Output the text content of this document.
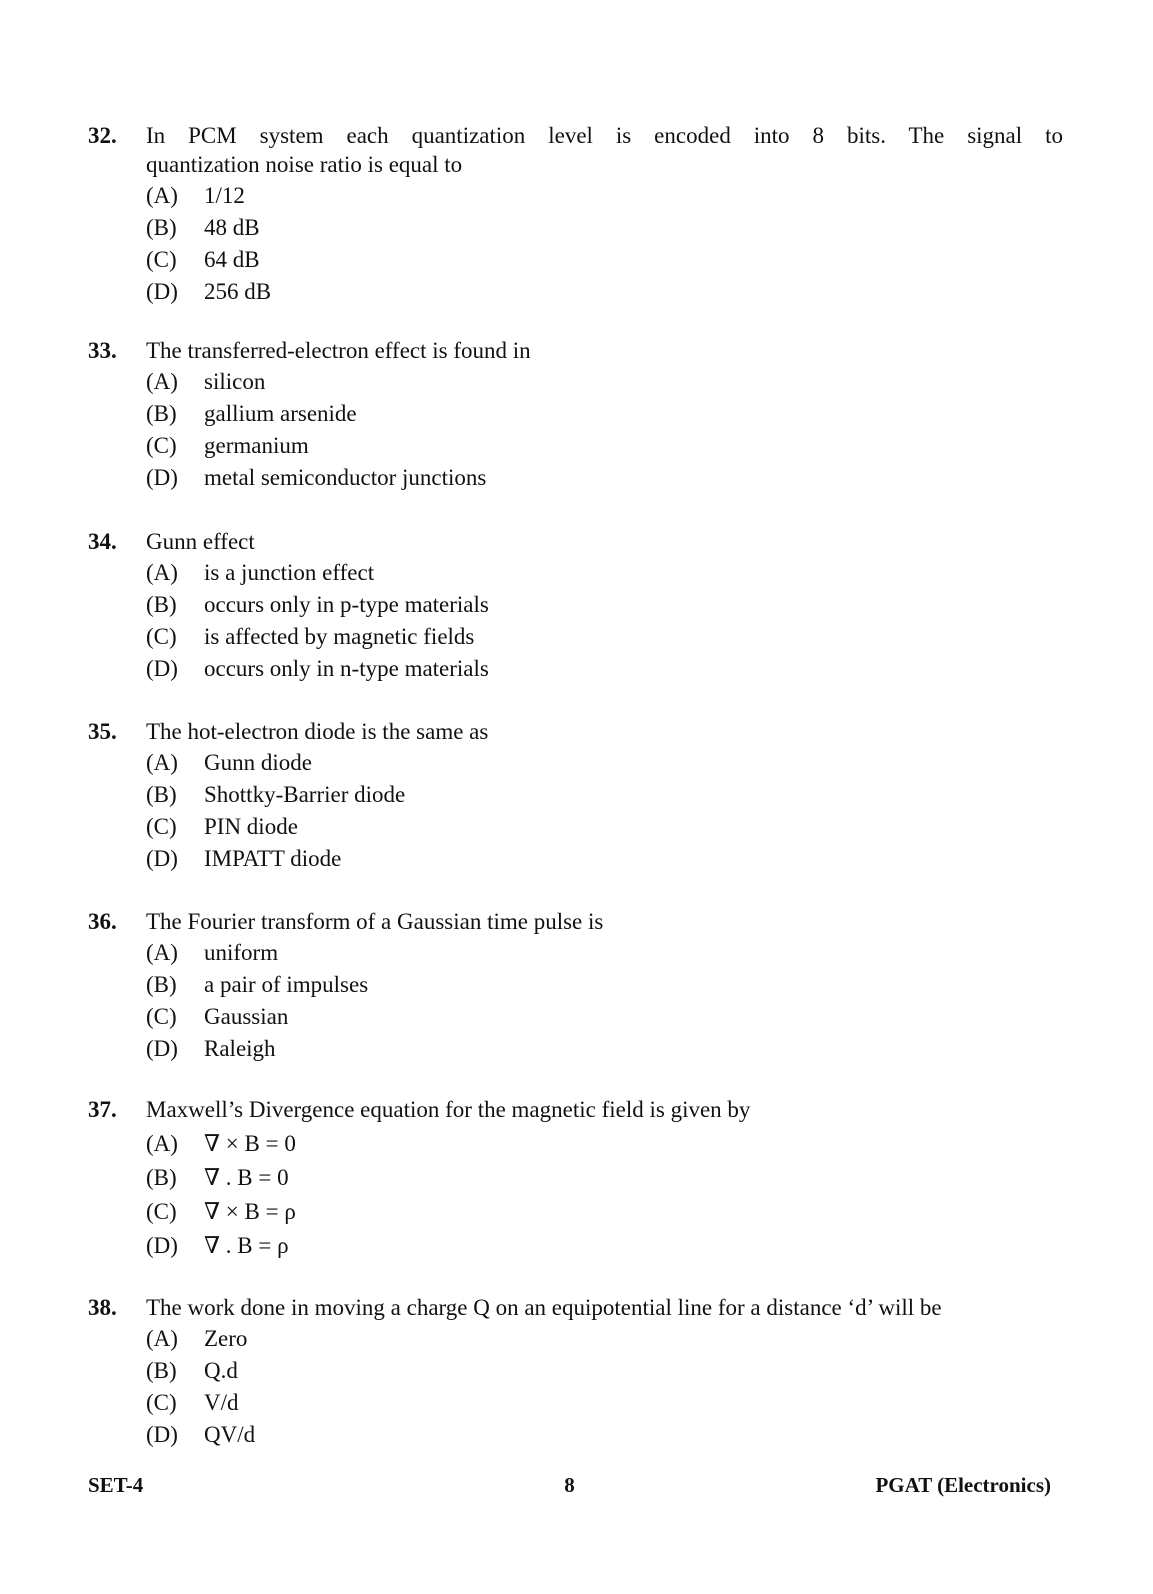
32. In PCM system each quantization level is encoded into 8 bits. The signal to
quantization noise ratio is equal to
(A) 1/12
(B) 48 dB
(C) 64 dB
(D) 256 dB
33. The transferred-electron effect is found in
(A) silicon
(B) gallium arsenide
(C) germanium
(D) metal semiconductor junctions
34. Gunn effect
(A) is a junction effect
(B) occurs only in p-type materials
(C) is affected by magnetic fields
(D) occurs only in n-type materials
35. The hot-electron diode is the same as
(A) Gunn diode
(B) Shottky-Barrier diode
(C) PIN diode
(D) IMPATT diode
36. The Fourier transform of a Gaussian time pulse is
(A) uniform
(B) a pair of impulses
(C) Gaussian
(D) Raleigh
37. Maxwell’s Divergence equation for the magnetic field is given by
(A) ∇ × B = 0
(B) ∇ . B = 0
(C) ∇ × B = ρ
(D) ∇ . B = ρ
38. The work done in moving a charge Q on an equipotential line for a distance ‘d’ will be
(A) Zero
(B) Q.d
(C) V/d
(D) QV/d
SET-4	8	PGAT (Electronics)
